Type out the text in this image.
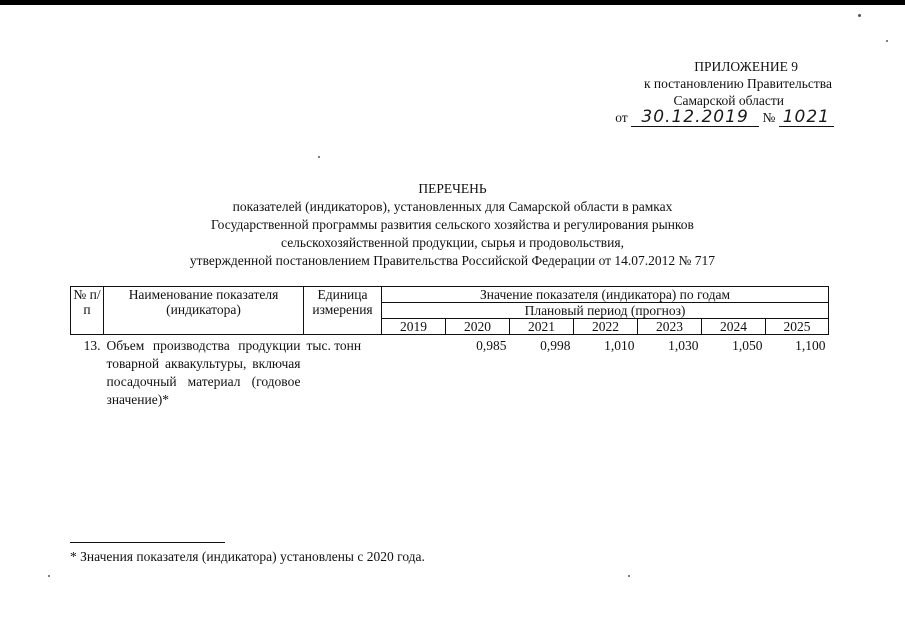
ПРИЛОЖЕНИЕ 9
к постановлению Правительства
Самарской области
от 30.12.2019 № 1021
ПЕРЕЧЕНЬ
показателей (индикаторов), установленных для Самарской области в рамках
Государственной программы развития сельского хозяйства и регулирования рынков
сельскохозяйственной продукции, сырья и продовольствия,
утвержденной постановлением Правительства Российской Федерации от 14.07.2012 № 717
№ п/п	Наименование показателя (индикатора)	Единица измерения	Значение показателя (индикатора) по годам						
			Плановый период (прогноз)						
			2019	2020	2021	2022	2023	2024	2025
13.	Объем производства продукции товарной аквакультуры, включая посадочный материал (годовое значение)*	тыс. тонн		0,985	0,998	1,010	1,030	1,050	1,100
* Значения показателя (индикатора) установлены с 2020 года.
